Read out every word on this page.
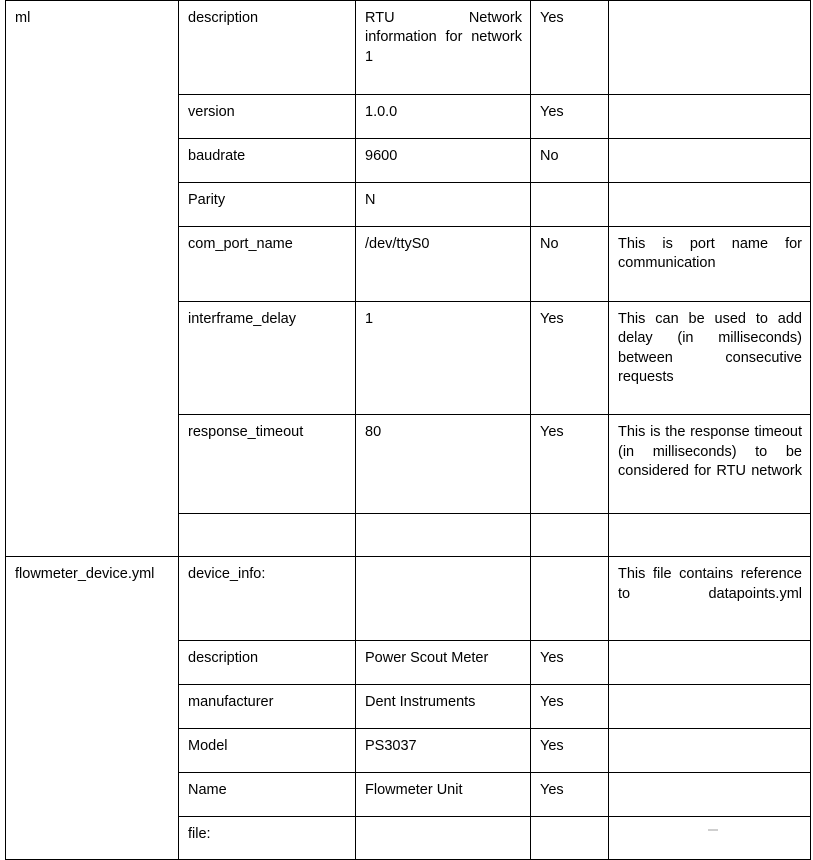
ml	description	RTU Network information for network 1	Yes	
	version	1.0.0	Yes	
	baudrate	9600	No	
	Parity	N		
	com_port_name	/dev/ttyS0	No	This is port name for communication

	interframe_delay	1	Yes	This can be used to add delay (in milliseconds) between consecutive requests

	response_timeout	80	Yes	This is the response timeout (in milliseconds) to be considered for RTU network

flowmeter_device.yml	device_info:			This file contains reference to datapoints.yml

	description	Power Scout Meter	Yes	
	manufacturer	Dent Instruments	Yes	
	Model	PS3037	Yes	
	Name	Flowmeter Unit	Yes	
	file:			
